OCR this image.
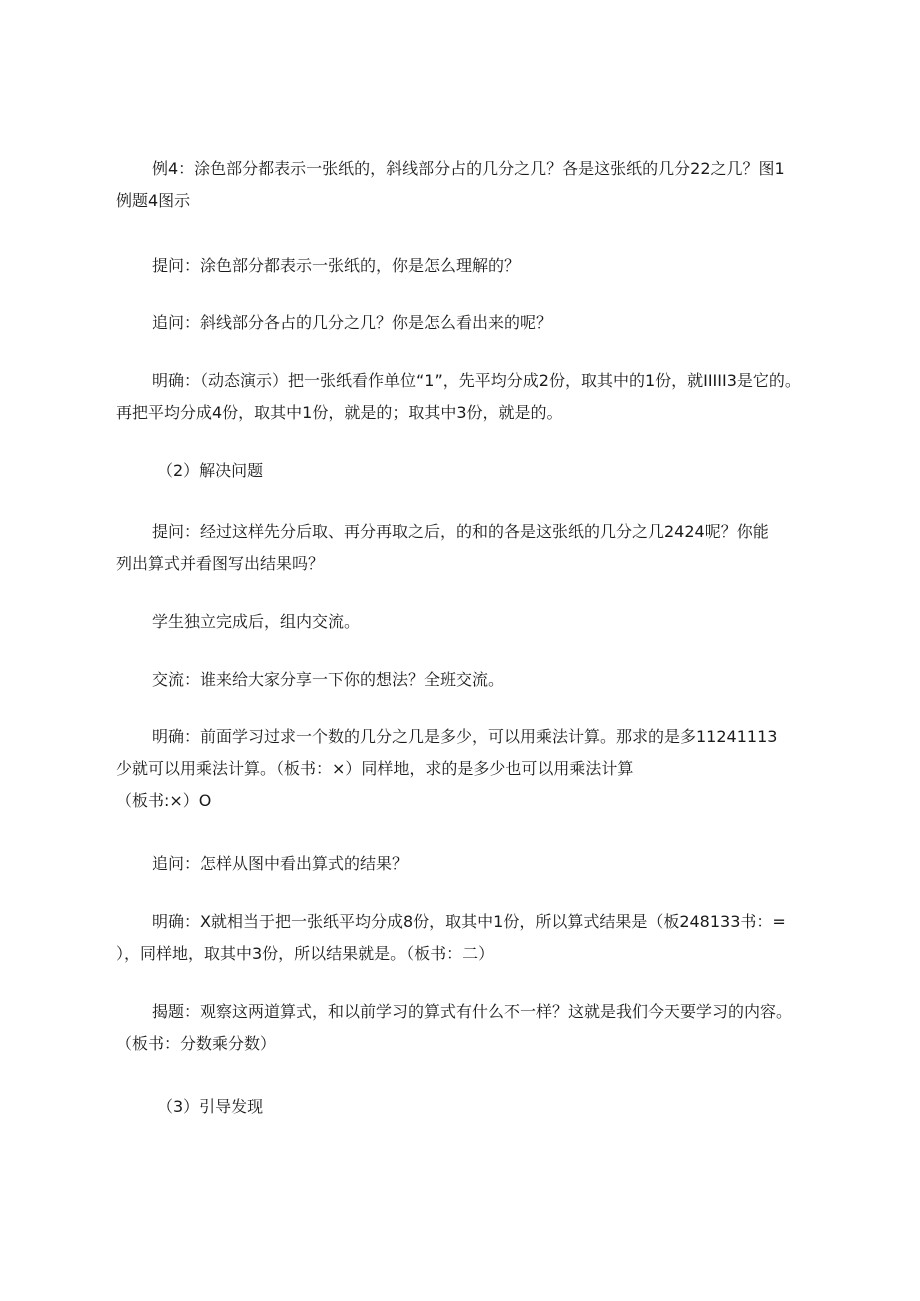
例4：涂色部分都表示一张纸的，斜线部分占的几分之几？各是这张纸的几分22之几？图1
例题4图示
提问：涂色部分都表示一张纸的，你是怎么理解的？
追问：斜线部分各占的几分之几？你是怎么看出来的呢？
明确：（动态演示）把一张纸看作单位“1”，先平均分成2份，取其中的1份，就IIIII3是它的。
再把平均分成4份，取其中1份，就是的；取其中3份，就是的。
（2）解决问题
提问：经过这样先分后取、再分再取之后，的和的各是这张纸的几分之几2424呢？你能
列出算式并看图写出结果吗？
学生独立完成后，组内交流。
交流：谁来给大家分享一下你的想法？全班交流。
明确：前面学习过求一个数的几分之几是多少，可以用乘法计算。那求的是多11241113
少就可以用乘法计算。（板书：×）同样地，求的是多少也可以用乘法计算
（板书:×）O
追问：怎样从图中看出算式的结果？
明确：X就相当于把一张纸平均分成8份，取其中1份，所以算式结果是（板248133书：=
），同样地，取其中3份，所以结果就是。（板书：二）
揭题：观察这两道算式，和以前学习的算式有什么不一样？这就是我们今天要学习的内容。
（板书：分数乘分数）
（3）引导发现
